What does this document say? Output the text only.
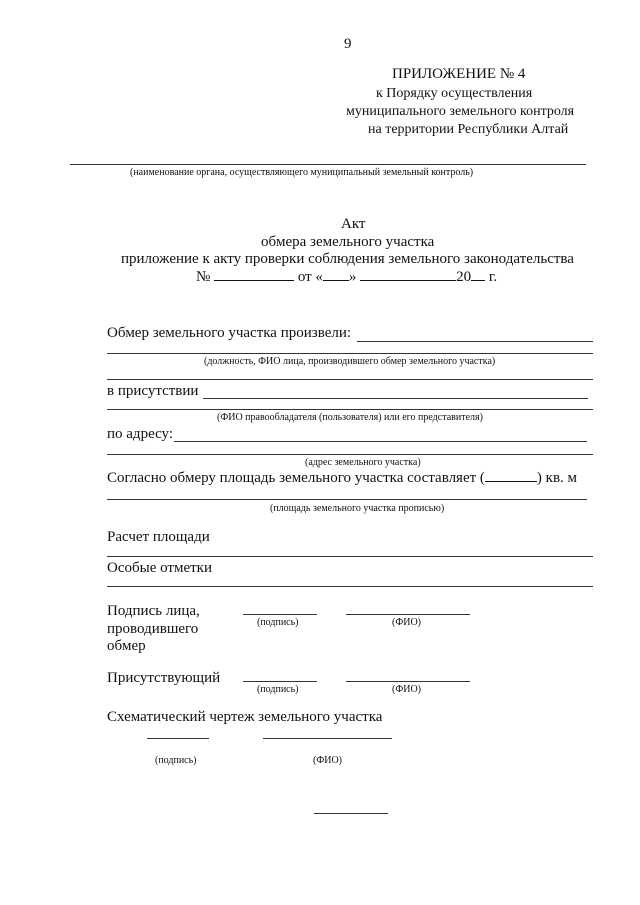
9
ПРИЛОЖЕНИЕ № 4
к Порядку осуществления
муниципального земельного контроля
на территории Республики Алтай
(наименование органа, осуществляющего муниципальный земельный контроль)
Акт
обмера земельного участка
приложение к акту проверки соблюдения земельного законодательства
№	от « »	20 г.
Обмер земельного участка произвели:
(должность, ФИО лица, производившего обмер земельного участка)
в присутствии
(ФИО правообладателя (пользователя) или его представителя)
по адресу:
(адрес земельного участка)
Согласно обмеру площадь земельного участка составляет (	) кв. м
(площадь земельного участка прописью)
Расчет площади
Особые отметки
Подпись лица,
проводившего
обмер
(подпись)	(ФИО)
Присутствующий
(подпись)	(ФИО)
Схематический чертеж земельного участка
(подпись)	(ФИО)
